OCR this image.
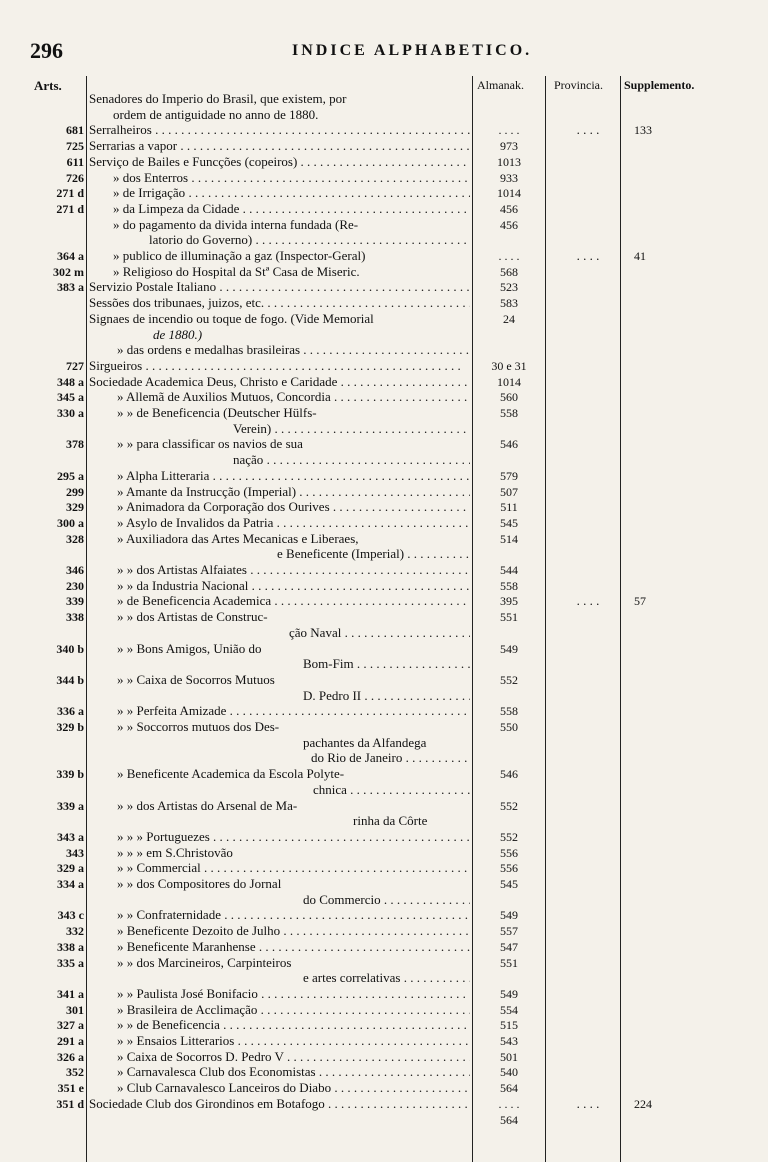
296	INDICE ALPHABETICO.
Arts.	Almanak.	Provincia. Supplemento.
Senadores do Imperio do Brasil, que existem, por
ordem de antiguidade no anno de 1880.
681 Serralheiros . . .	. . . .	. . . .	133
725 Serrarias a vapor . . .	973
611 Serviço de Bailes e Funcções (copeiros) . . .	1013
726 » dos Enterros . . .	933
271 d » de Irrigação . . .	1014
271 d » da Limpeza da Cidade . . .	456
» do pagamento da divida interna fundada (Re-	456
latorio do Governo) . . .
364 a » publico de illuminação a gaz (Inspector-Geral)	. . . .	. . . .	41
302 m » Religioso do Hospital da Stª Casa de Miseric.	568
383 a Servizio Postale Italiano . . .	523
Sessões dos tribunaes, juizos, etc. . . .	583
Signaes de incendio ou toque de fogo. (Vide Memorial	24
de 1880.)
» das ordens e medalhas brasileiras . . .
727 Sirgueiros . . .	30 e 31
348 a Sociedade Academica Deus, Christo e Caridade . . .	1014
345 a	» Allemã de Auxilios Mutuos, Concordia . . .	560
330 a	» » de Beneficencia (Deutscher Hülfs-	558
Verein) . . .
378	» » para classificar os navios de sua	546
nação . . .
295 a	» Alpha Litteraria . . .	579
299	» Amante da Instrucção (Imperial) . . .	507
329	» Animadora da Corporação dos Ourives . . .	511
300 a	» Asylo de Invalidos da Patria . . .	545
328	» Auxiliadora das Artes Mecanicas e Liberaes,	514
e Beneficente (Imperial) . . .
346	» » dos Artistas Alfaiates . . .	544
230	» » da Industria Nacional . . .	558
339	» de Beneficencia Academica . . .	395	. . . .	57
338	» » dos Artistas de Construc-	551
ção Naval . . .
340 b	» » Bons Amigos, União do	549
Bom-Fim . . .
344 b	» » Caixa de Socorros Mutuos	552
D. Pedro II . . .
336 a	» » Perfeita Amizade . . .	558
329 b	» » Soccorros mutuos dos Des-	550
pachantes da Alfandega
do Rio de Janeiro . . .
339 b	» Beneficente Academica da Escola Polyte-	546
chnica . . .
339 a	» » dos Artistas do Arsenal de Ma-	552
rinha da Côrte
343 a	» » » Portuguezes . . .	552
343	» » » em S.Christovão	556
329 a	» » Commercial . . .	556
334 a	» » dos Compositores do Jornal	545
do Commercio . . .
343 c	» » Confraternidade . . .	549
332	» Beneficente Dezoito de Julho . . .	557
338 a	» Beneficente Maranhense . . .	547
335 a	» » dos Marcineiros, Carpinteiros	551
e artes correlativas . . .
341 a	» » Paulista José Bonifacio . . .	549
301	» Brasileira de Acclimação . . .	554
327 a	» » de Beneficencia . . .	515
291 a	» » Ensaios Litterarios . . .	543
326 a	» Caixa de Socorros D. Pedro V . . .	501
352	» Carnavalesca Club dos Economistas . . .	540
351 e	» Club Carnavalesco Lanceiros do Diabo . . .	564
351 d Sociedade Club dos Girondinos em Botafogo . . .	. . . .	. . . .	224
564
